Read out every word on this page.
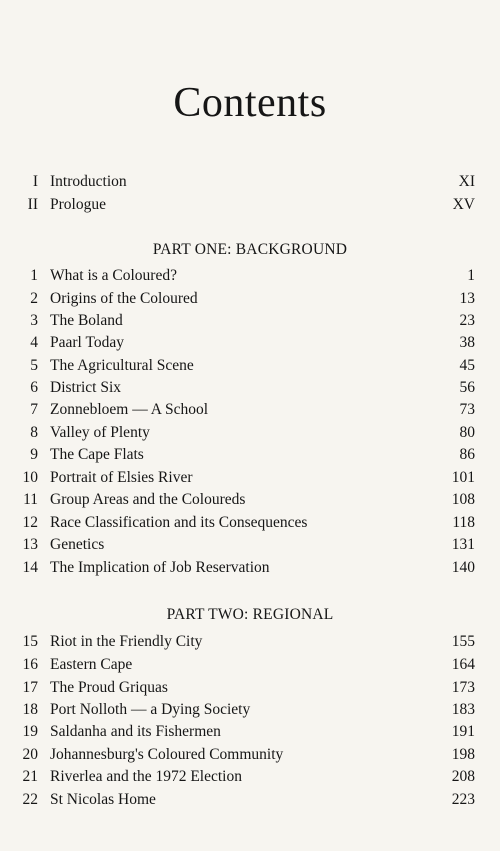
Contents
I Introduction	XI
II Prologue	XV
PART ONE: BACKGROUND
1 What is a Coloured?	1
2 Origins of the Coloured	13
3 The Boland	23
4 Paarl Today	38
5 The Agricultural Scene	45
6 District Six	56
7 Zonnebloem — A School	73
8 Valley of Plenty	80
9 The Cape Flats	86
10 Portrait of Elsies River	101
11 Group Areas and the Coloureds	108
12 Race Classification and its Consequences	118
13 Genetics	131
14 The Implication of Job Reservation	140
PART TWO: REGIONAL
15 Riot in the Friendly City	155
16 Eastern Cape	164
17 The Proud Griquas	173
18 Port Nolloth — a Dying Society	183
19 Saldanha and its Fishermen	191
20 Johannesburg's Coloured Community	198
21 Riverlea and the 1972 Election	208
22 St Nicolas Home	223
